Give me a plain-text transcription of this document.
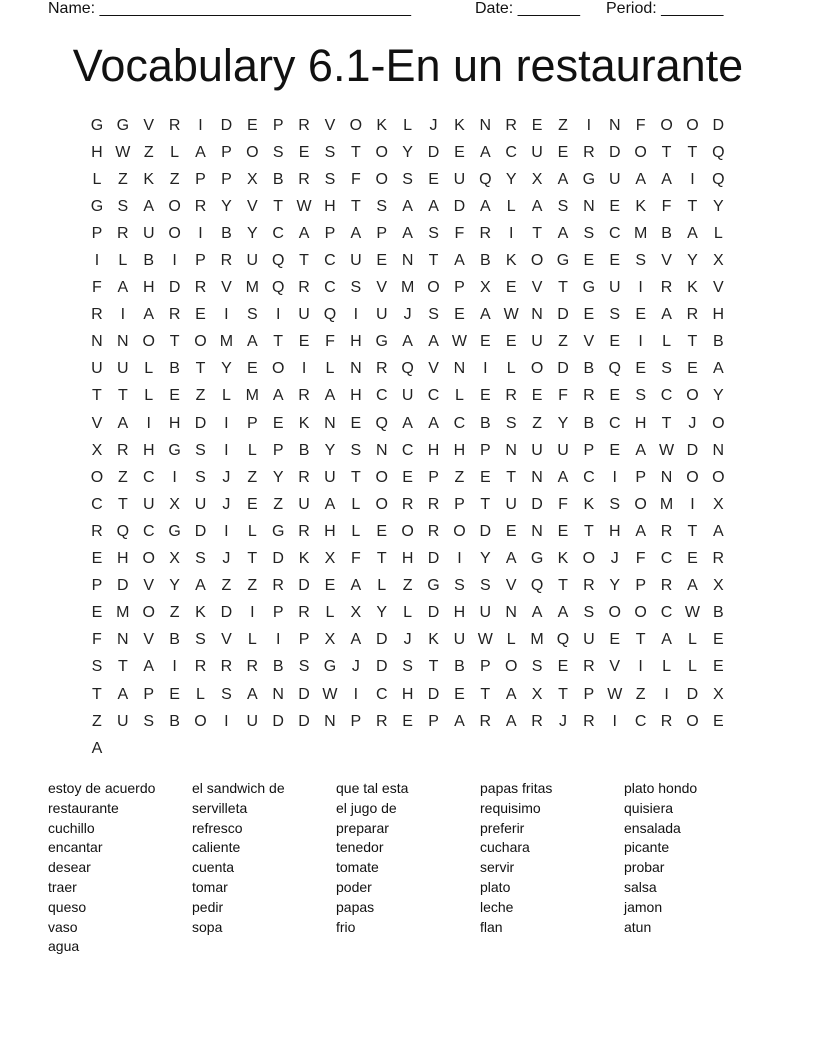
Name: ___________________________________	Date: _______ Period: _______
Vocabulary 6.1-En un restaurante
G G V R	I	D E P R V O K	L	J	K N R E Z	I	N F O O D
H W Z	L	A P O S E S T O Y D E A C U E R D O T	T Q
L	Z K Z P P X B R S F O S E U Q Y X A G U A A	I	Q
G S A O R Y V T W H T S A A D A	L	A S N E K F	T Y
P R U O	I	B Y C A P A P A S F R	I	T A S C M B A	L
I	L	B	I	P R U Q T C U E N T A B K O G E E S V Y X
F A H D R V M Q R C S V M O P X E V T G U	I	R K V
R	I	A R E	I	S	I	U Q	I	U	J	S E A W N D E S E A R H
N N O T O M A T E F H G A A W E E U Z V E	I	L	T B
U U L	B T Y E O	I	L N R Q V N	I	L O D B Q E S E A
T	T	L	E Z	L M A R A H C U C L	E R E F R E S C O Y
V A	I	H D	I	P E K N E Q A A C B S Z Y B C H T	J O
X R H G S	I	L	P B Y S N C H H P N U U P E A W D N
O Z C	I	S	J	Z Y R U T O E P Z E T N A C	I	P N O O
C T U X U	J	E Z U A	L O R R P T U D F K S O M	I	X
R Q C G D	I	L G R H L	E O R O D E N E T H A R T A
E H O X S	J	T D K X F	T H D	I	Y A G K O J	F C E R
P D V Y A Z	Z R D E A	L	Z G S S V Q T R Y P R A X
E M O Z K D	I	P R L	X Y	L D H U N A A S O O C W B
F N V B S V	L	I	P X A D	J	K U W L M Q U E T A	L	E
S T A	I	R R R B S G J	D S T B P O S E R V	I	L	L	E
T A P E	L	S A N D W	I	C H D E T A X T P W Z	I	D X
Z U S B O	I	U D D N P R E P A R A R	J	R	I	C R O E
A
estoy de acuerdo
restaurante
cuchillo
encantar
desear
traer
queso
vaso
agua
el sandwich de
servilleta
refresco
caliente
cuenta
tomar
pedir
sopa
que tal esta
el jugo de
preparar
tenedor
tomate
poder
papas
frio
papas fritas
requisimo
preferir
cuchara
servir
plato
leche
flan
plato hondo
quisiera
ensalada
picante
probar
salsa
jamon
atun
